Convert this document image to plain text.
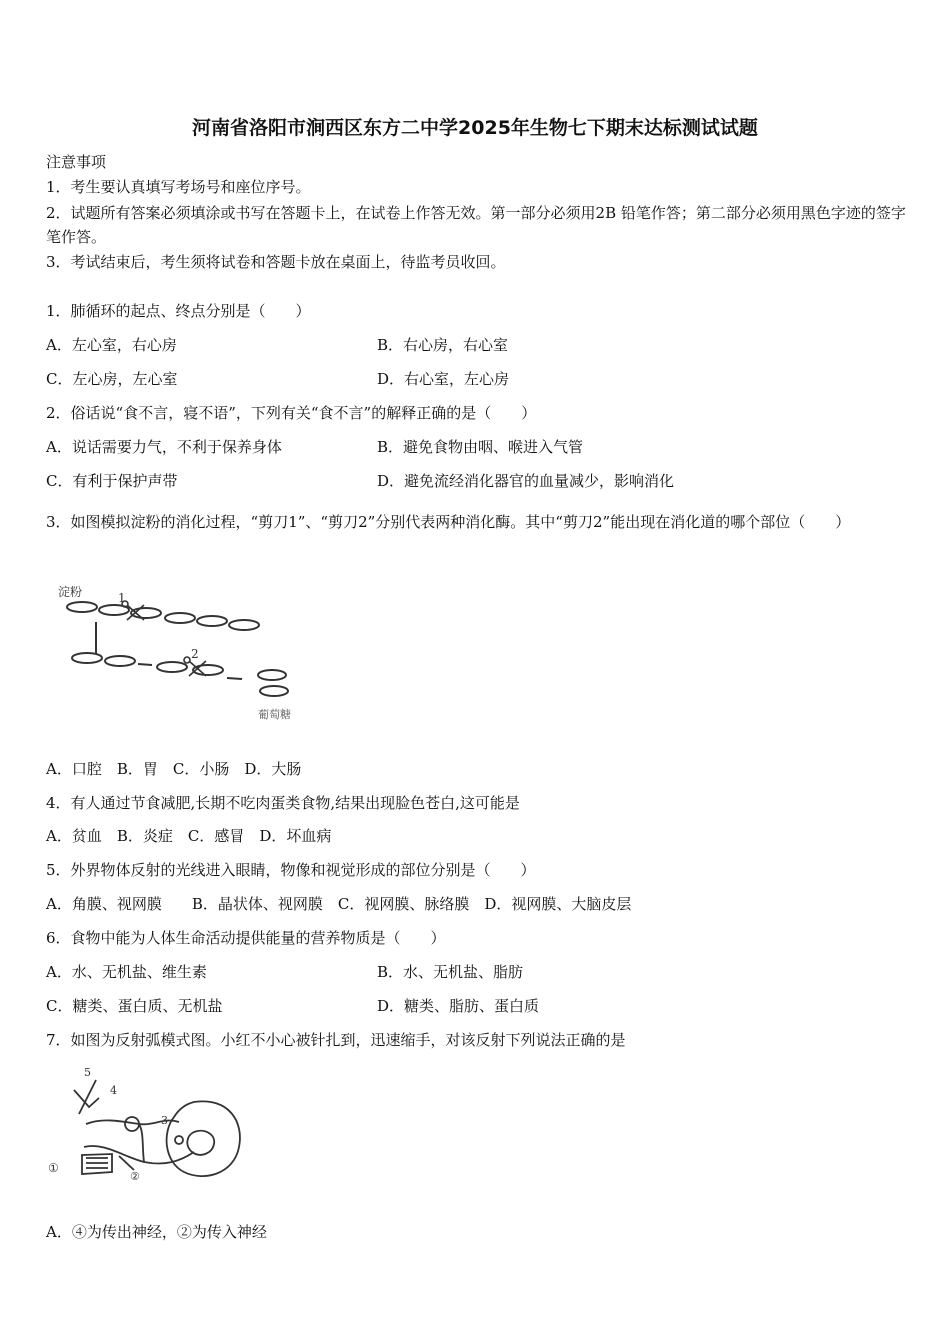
河南省洛阳市涧西区东方二中学2025年生物七下期末达标测试试题
注意事项
1．考生要认真填写考场号和座位序号。
2．试题所有答案必须填涂或书写在答题卡上，在试卷上作答无效。第一部分必须用2B 铅笔作答；第二部分必须用黑色字迹的签字笔作答。
3．考试结束后，考生须将试卷和答题卡放在桌面上，待监考员收回。
1．肺循环的起点、终点分别是（　　）
A．左心室，右心房	B．右心房，右心室
C．左心房，左心室	D．右心室，左心房
2．俗话说“食不言，寝不语”，下列有关“食不言”的解释正确的是（　　）
A．说话需要力气，不利于保养身体	B．避免食物由咽、喉进入气管
C．有利于保护声带	D．避免流经消化器官的血量减少，影响消化
3．如图模拟淀粉的消化过程，“剪刀1”、“剪刀2”分别代表两种消化酶。其中“剪刀2”能出现在消化道的哪个部位（　　）
淀粉	1
2
葡萄糖
A．口腔　B．胃　C．小肠　D．大肠
4．有人通过节食减肥,长期不吃肉蛋类食物,结果出现脸色苍白,这可能是
A．贫血　B．炎症　C．感冒　D．坏血病
5．外界物体反射的光线进入眼睛，物像和视觉形成的部位分别是（　　）
A．角膜、视网膜　　B．晶状体、视网膜　C．视网膜、脉络膜　D．视网膜、大脑皮层
6．食物中能为人体生命活动提供能量的营养物质是（　　）
A．水、无机盐、维生素	B．水、无机盐、脂肪
C．糖类、蛋白质、无机盐	D．糖类、脂肪、蛋白质
7．如图为反射弧模式图。小红不小心被针扎到，迅速缩手，对该反射下列说法正确的是
5
4
3
①
②
A．④为传出神经，②为传入神经
